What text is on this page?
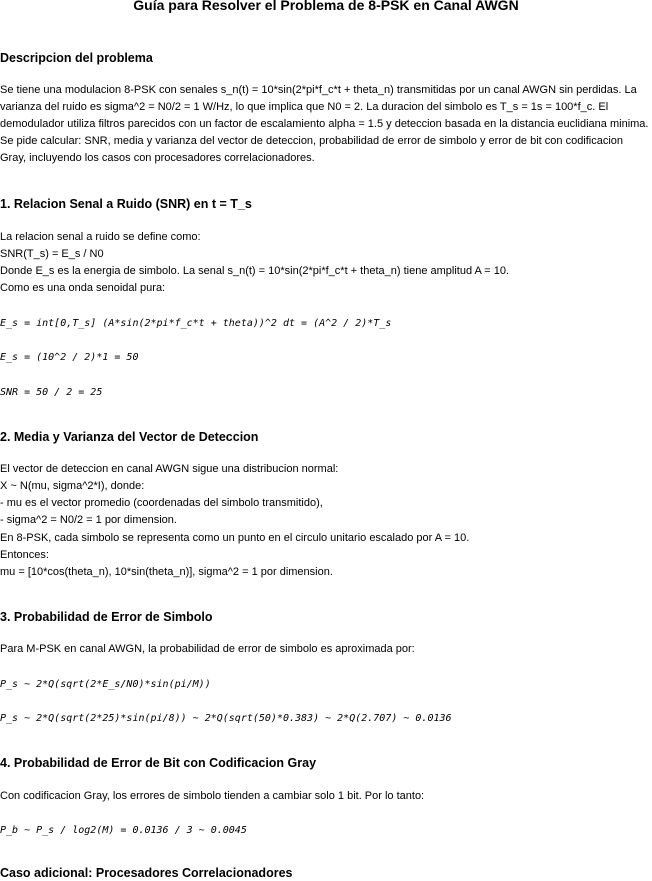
Guía para Resolver el Problema de 8-PSK en Canal AWGN
Descripcion del problema

Se tiene una modulacion 8-PSK con senales s_n(t) = 10*sin(2*pi*f_c*t + theta_n) transmitidas por un canal AWGN sin perdidas. La varianza del ruido es sigma^2 = N0/2 = 1 W/Hz, lo que implica que N0 = 2. La duracion del simbolo es T_s = 1s = 100*f_c. El demodulador utiliza filtros parecidos con un factor de escalamiento alpha = 1.5 y deteccion basada en la distancia euclidiana minima. Se pide calcular: SNR, media y varianza del vector de deteccion, probabilidad de error de simbolo y error de bit con codificacion Gray, incluyendo los casos con procesadores correlacionadores.

1. Relacion Senal a Ruido (SNR) en t = T_s

La relacion senal a ruido se define como:

SNR(T_s) = E_s / N0

Donde E_s es la energia de simbolo. La senal s_n(t) = 10*sin(2*pi*f_c*t + theta_n) tiene amplitud A = 10.

Como es una onda senoidal pura:

E_s = int[0,T_s] (A*sin(2*pi*f_c*t + theta))^2 dt = (A^2 / 2)*T_s
E_s = (10^2 / 2)*1 = 50
SNR = 50 / 2 = 25
2. Media y Varianza del Vector de Deteccion

El vector de deteccion en canal AWGN sigue una distribucion normal:

X ~ N(mu, sigma^2*I), donde:

- mu es el vector promedio (coordenadas del simbolo transmitido),

- sigma^2 = N0/2 = 1 por dimension.

En 8-PSK, cada simbolo se representa como un punto en el circulo unitario escalado por A = 10.

Entonces:

mu = [10*cos(theta_n), 10*sin(theta_n)], sigma^2 = 1 por dimension.

3. Probabilidad de Error de Simbolo

Para M-PSK en canal AWGN, la probabilidad de error de simbolo es aproximada por:

P_s ~ 2*Q(sqrt(2*E_s/N0)*sin(pi/M))
P_s ~ 2*Q(sqrt(2*25)*sin(pi/8)) ~ 2*Q(sqrt(50)*0.383) ~ 2*Q(2.707) ~ 0.0136
4. Probabilidad de Error de Bit con Codificacion Gray

Con codificacion Gray, los errores de simbolo tienden a cambiar solo 1 bit. Por lo tanto:

P_b ~ P_s / log2(M) = 0.0136 / 3 ~ 0.0045
Caso adicional: Procesadores Correlacionadores
